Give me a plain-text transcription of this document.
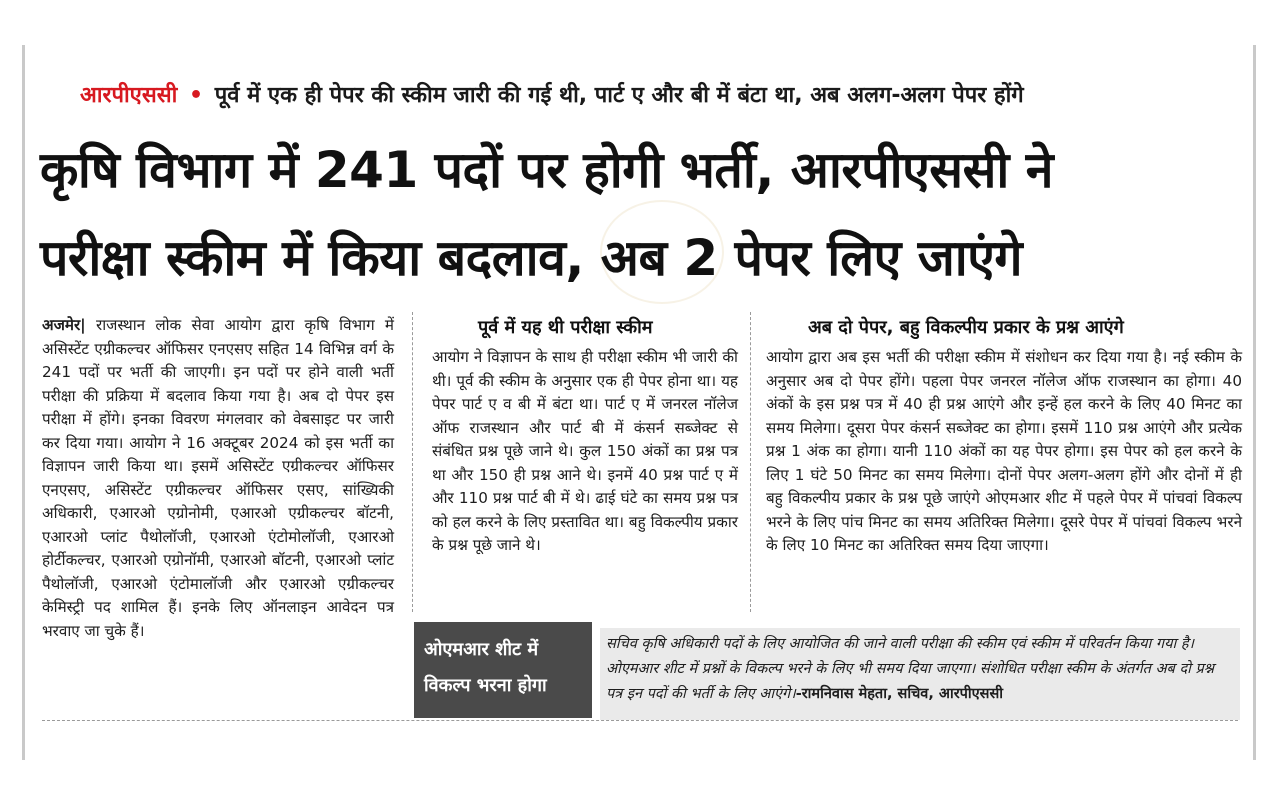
आरपीएससी • पूर्व में एक ही पेपर की स्कीम जारी की गई थी, पार्ट ए और बी में बंटा था, अब अलग-अलग पेपर होंगे
कृषि विभाग में 241 पदों पर होगी भर्ती, आरपीएससी ने
परीक्षा स्कीम में किया बदलाव, अब 2 पेपर लिए जाएंगे
अजमेर| राजस्थान लोक सेवा आयोग द्वारा कृषि विभाग में असिस्टेंट एग्रीकल्चर ऑफिसर एनएसए सहित 14 विभिन्न वर्ग के 241 पदों पर भर्ती की जाएगी। इन पदों पर होने वाली भर्ती परीक्षा की प्रक्रिया में बदलाव किया गया है। अब दो पेपर इस परीक्षा में होंगे। इनका विवरण मंगलवार को वेबसाइट पर जारी कर दिया गया। आयोग ने 16 अक्टूबर 2024 को इस भर्ती का विज्ञापन जारी किया था। इसमें असिस्टेंट एग्रीकल्चर ऑफिसर एनएसए, असिस्टेंट एग्रीकल्चर ऑफिसर एसए, सांख्यिकी अधिकारी, एआरओ एग्रोनोमी, एआरओ एग्रीकल्चर बॉटनी, एआरओ प्लांट पैथोलॉजी, एआरओ एंटोमोलॉजी, एआरओ होर्टीकल्चर, एआरओ एग्रोनॉमी, एआरओ बॉटनी, एआरओ प्लांट पैथोलॉजी, एआरओ एंटोमालॉजी और एआरओ एग्रीकल्चर केमिस्ट्री पद शामिल हैं। इनके लिए ऑनलाइन आवेदन पत्र भरवाए जा चुके हैं।
पूर्व में यह थी परीक्षा स्कीम
आयोग ने विज्ञापन के साथ ही परीक्षा स्कीम भी जारी की थी। पूर्व की स्कीम के अनुसार एक ही पेपर होना था। यह पेपर पार्ट ए व बी में बंटा था। पार्ट ए में जनरल नॉलेज ऑफ राजस्थान और पार्ट बी में कंसर्न सब्जेक्ट से संबंधित प्रश्न पूछे जाने थे। कुल 150 अंकों का प्रश्न पत्र था और 150 ही प्रश्न आने थे। इनमें 40 प्रश्न पार्ट ए में और 110 प्रश्न पार्ट बी में थे। ढाई घंटे का समय प्रश्न पत्र को हल करने के लिए प्रस्तावित था। बहु विकल्पीय प्रकार के प्रश्न पूछे जाने थे।
अब दो पेपर, बहु विकल्पीय प्रकार के प्रश्न आएंगे
आयोग द्वारा अब इस भर्ती की परीक्षा स्कीम में संशोधन कर दिया गया है। नई स्कीम के अनुसार अब दो पेपर होंगे। पहला पेपर जनरल नॉलेज ऑफ राजस्थान का होगा। 40 अंकों के इस प्रश्न पत्र में 40 ही प्रश्न आएंगे और इन्हें हल करने के लिए 40 मिनट का समय मिलेगा। दूसरा पेपर कंसर्न सब्जेक्ट का होगा। इसमें 110 प्रश्न आएंगे और प्रत्येक प्रश्न 1 अंक का होगा। यानी 110 अंकों का यह पेपर होगा। इस पेपर को हल करने के लिए 1 घंटे 50 मिनट का समय मिलेगा। दोनों पेपर अलग-अलग होंगे और दोनों में ही बहु विकल्पीय प्रकार के प्रश्न पूछे जाएंगे ओएमआर शीट में पहले पेपर में पांचवां विकल्प भरने के लिए पांच मिनट का समय अतिरिक्त मिलेगा। दूसरे पेपर में पांचवां विकल्प भरने के लिए 10 मिनट का अतिरिक्त समय दिया जाएगा।
ओएमआर शीट में
विकल्प भरना होगा
सचिव कृषि अधिकारी पदों के लिए आयोजित की जाने वाली परीक्षा की स्कीम एवं स्कीम में परिवर्तन किया गया है। ओएमआर शीट में प्रश्नों के विकल्प भरने के लिए भी समय दिया जाएगा। संशोधित परीक्षा स्कीम के अंतर्गत अब दो प्रश्न पत्र इन पदों की भर्ती के लिए आएंगे।-रामनिवास मेहता, सचिव, आरपीएससी
